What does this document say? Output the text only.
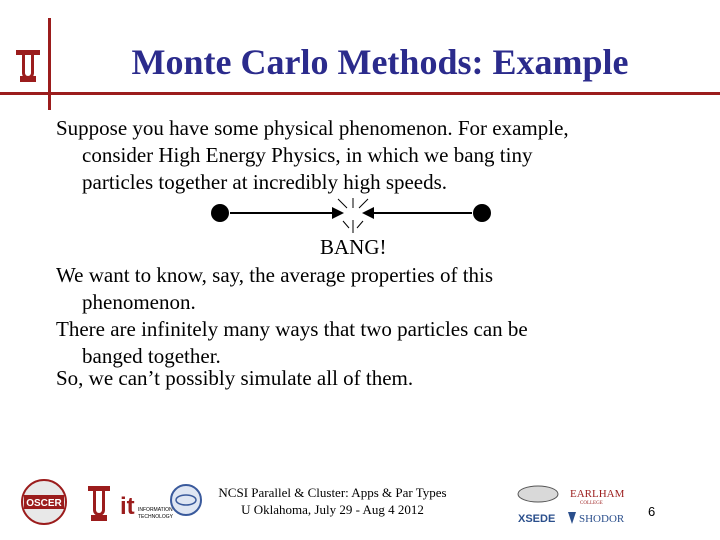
Monte Carlo Methods: Example

Suppose you have some physical phenomenon. For example,
consider High Energy Physics, in which we bang tiny
particles together at incredibly high speeds.

BANG!

We want to know, say, the average properties of this
phenomenon.

There are infinitely many ways that two particles can be
banged together.

So, we can’t possibly simulate all of them.

OSCER it INFORMATION
TECHNOLOGY
NCSI Parallel & Cluster: Apps & Par Types
U Oklahoma, July 29 - Aug 4 2012
EARLHAM
COLLEGE
XSEDE SHODOR 6
